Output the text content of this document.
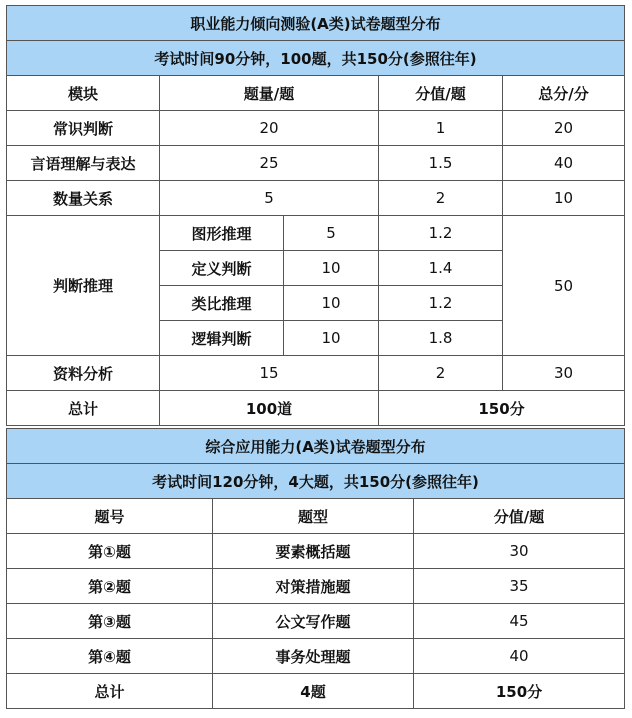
职业能力倾向测验(A类)试卷题型分布				
考试时间90分钟，100题，共150分(参照往年)				
模块	题量/题		分值/题	总分/分
常识判断	20		1	20
言语理解与表达	25		1.5	40
数量关系	5		2	10
判断推理	图形推理	5	1.2	50
	定义判断	10	1.4	
	类比推理	10	1.2	
	逻辑判断	10	1.8	
资料分析	15		2	30
总计	100道		150分	
综合应用能力(A类)试卷题型分布		
考试时间120分钟，4大题，共150分(参照往年)		
题号	题型	分值/题
第①题	要素概括题	30
第②题	对策措施题	35
第③题	公文写作题	45
第④题	事务处理题	40
总计	4题	150分
